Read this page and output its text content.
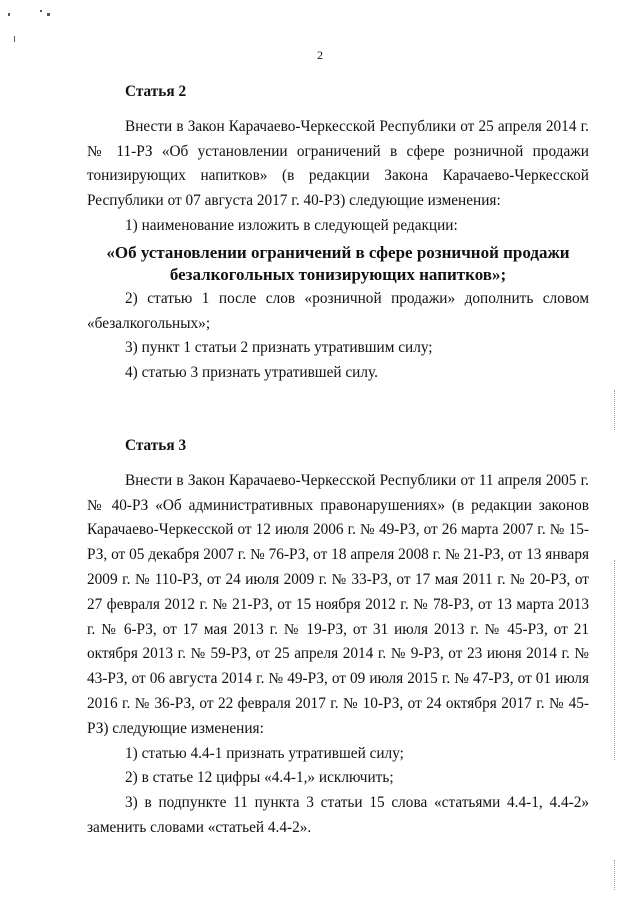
2

Статья 2

Внести в Закон Карачаево-Черкесской Республики от 25 апреля 2014 г. № 11-РЗ «Об установлении ограничений в сфере розничной продажи тонизирующих напитков» (в редакции Закона Карачаево-Черкесской Республики от 07 августа 2017 г. 40-РЗ) следующие изменения:

1) наименование изложить в следующей редакции:

«Об установлении ограничений в сфере розничной продажи безалкогольных тонизирующих напитков»;

2) статью 1 после слов «розничной продажи» дополнить словом «безалкогольных»;

3) пункт 1 статьи 2 признать утратившим силу;

4) статью 3 признать утратившей силу.

Статья 3

Внести в Закон Карачаево-Черкесской Республики от 11 апреля 2005 г. № 40-РЗ «Об административных правонарушениях» (в редакции законов Карачаево-Черкесской от 12 июля 2006 г. № 49-РЗ, от 26 марта 2007 г. № 15-РЗ, от 05 декабря 2007 г. № 76-РЗ, от 18 апреля 2008 г. № 21-РЗ, от 13 января 2009 г. № 110-РЗ, от 24 июля 2009 г. № 33-РЗ, от 17 мая 2011 г. № 20-РЗ, от 27 февраля 2012 г. № 21-РЗ, от 15 ноября 2012 г. № 78-РЗ, от 13 марта 2013 г. № 6-РЗ, от 17 мая 2013 г. № 19-РЗ, от 31 июля 2013 г. № 45-РЗ, от 21 октября 2013 г. № 59-РЗ, от 25 апреля 2014 г. № 9-РЗ, от 23 июня 2014 г. № 43-РЗ, от 06 августа 2014 г. № 49-РЗ, от 09 июля 2015 г. № 47-РЗ, от 01 июля 2016 г. № 36-РЗ, от 22 февраля 2017 г. № 10-РЗ, от 24 октября 2017 г. № 45-РЗ) следующие изменения:

1) статью 4.4-1 признать утратившей силу;

2) в статье 12 цифры «4.4-1,» исключить;

3) в подпункте 11 пункта 3 статьи 15 слова «статьями 4.4-1, 4.4-2» заменить словами «статьей 4.4-2».
